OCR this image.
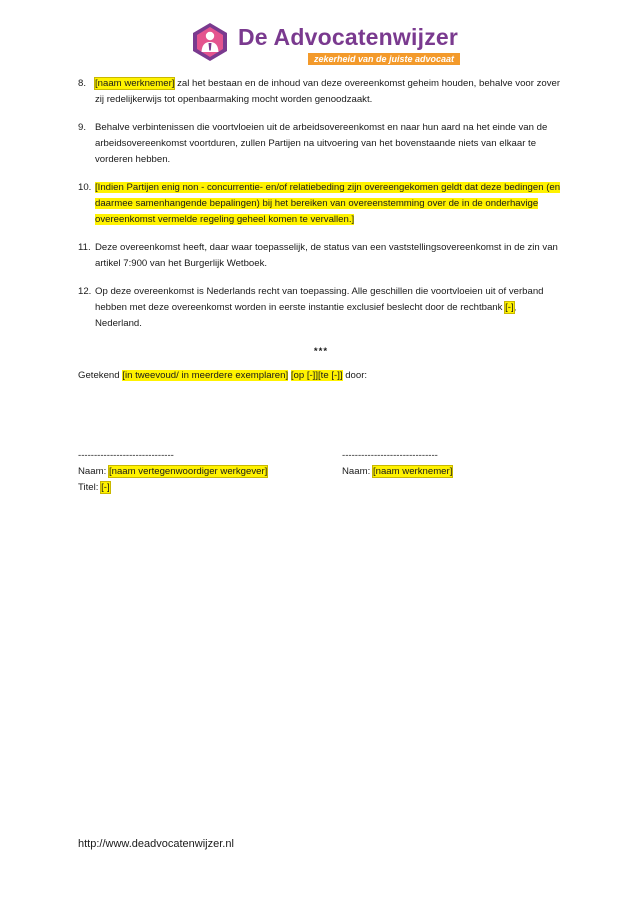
De Advocatenwijzer
zekerheid van de juiste advocaat
8. [naam werknemer] zal het bestaan en de inhoud van deze overeenkomst geheim houden, behalve voor zover zij redelijkerwijs tot openbaarmaking mocht worden genoodzaakt.
9. Behalve verbintenissen die voortvloeien uit de arbeidsovereenkomst en naar hun aard na het einde van de arbeidsovereenkomst voortduren, zullen Partijen na uitvoering van het bovenstaande niets van elkaar te vorderen hebben.
10. [Indien Partijen enig non - concurrentie- en/of relatiebeding zijn overeengekomen geldt dat deze bedingen (en daarmee samenhangende bepalingen) bij het bereiken van overeenstemming over de in de onderhavige overeenkomst vermelde regeling geheel komen te vervallen.]
11. Deze overeenkomst heeft, daar waar toepasselijk, de status van een vaststellingsovereenkomst in de zin van artikel 7:900 van het Burgerlijk Wetboek.
12. Op deze overeenkomst is Nederlands recht van toepassing. Alle geschillen die voortvloeien uit of verband hebben met deze overeenkomst worden in eerste instantie exclusief beslecht door de rechtbank [-], Nederland.
***
Getekend [in tweevoud/ in meerdere exemplaren] [op [-]][te [-]] door:
------------------------------
Naam: [naam vertegenwoordiger werkgever]
Titel: [-]
------------------------------
Naam: [naam werknemer]
http://www.deadvocatenwijzer.nl
